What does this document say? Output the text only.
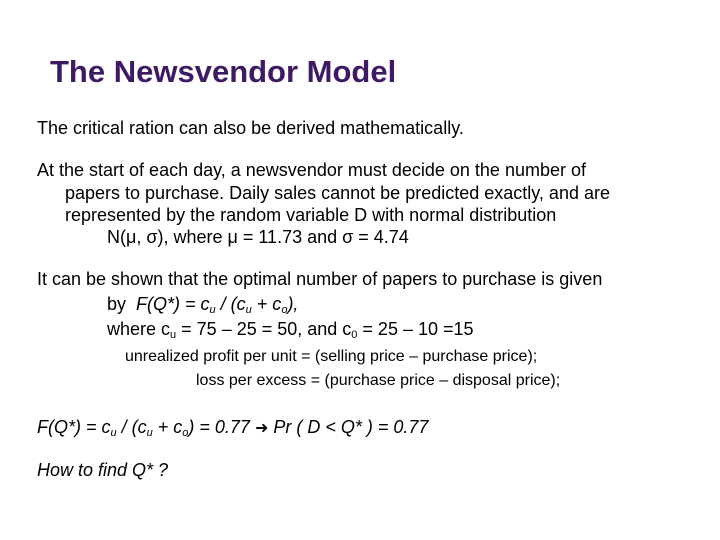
The Newsvendor Model
The critical ration can also be derived mathematically.
At the start of each day, a newsvendor must decide on the number of
papers to purchase. Daily sales cannot be predicted exactly, and are
represented by the random variable D with normal distribution
N(μ, σ), where μ = 11.73 and σ = 4.74
It can be shown that the optimal number of papers to purchase is given
by $F(Q*) = c_u / (c_u + c_o)$,
where $c_u = 75 - 25 = 50$, and $c_0 = 25 - 10 =15$
unrealized profit per unit = (selling price – purchase price);
loss per excess = (purchase price – disposal price);
$F(Q*) = c_u / (c_u + c_o) = 0.77$ ➜ Pr ( D < Q* ) = 0.77
How to find Q* ?
